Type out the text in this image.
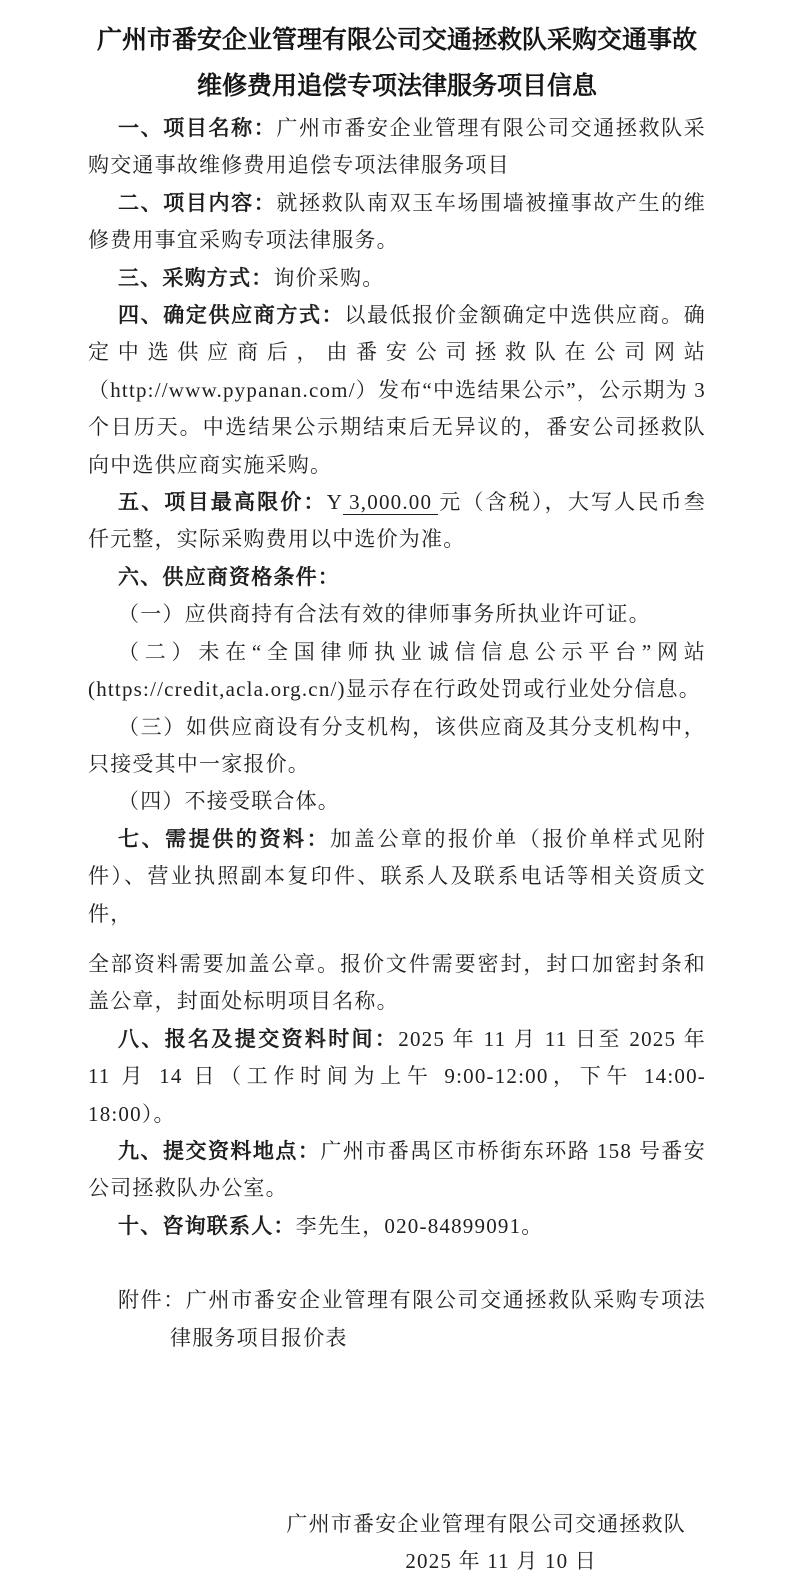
广州市番安企业管理有限公司交通拯救队采购交通事故维修费用追偿专项法律服务项目信息

一、项目名称：广州市番安企业管理有限公司交通拯救队采购交通事故维修费用追偿专项法律服务项目

二、项目内容：就拯救队南双玉车场围墙被撞事故产生的维修费用事宜采购专项法律服务。

三、采购方式：询价采购。

四、确定供应商方式：以最低报价金额确定中选供应商。确定中选供应商后，由番安公司拯救队在公司网站（http://www.pypanan.com/）发布“中选结果公示”，公示期为 3 个日历天。中选结果公示期结束后无异议的，番安公司拯救队向中选供应商实施采购。

五、项目最高限价：Y 3,000.00 元（含税），大写人民币叁仟元整，实际采购费用以中选价为准。

六、供应商资格条件：

（一）应供商持有合法有效的律师事务所执业许可证。

（二）未在“全国律师执业诚信信息公示平台”网站(https://credit,acla.org.cn/)显示存在行政处罚或行业处分信息。

（三）如供应商设有分支机构，该供应商及其分支机构中，只接受其中一家报价。

（四）不接受联合体。

七、需提供的资料：加盖公章的报价单（报价单样式见附件）、营业执照副本复印件、联系人及联系电话等相关资质文件，

全部资料需要加盖公章。报价文件需要密封，封口加密封条和盖公章，封面处标明项目名称。

八、报名及提交资料时间：2025 年 11 月 11 日至 2025 年 11 月 14 日（工作时间为上午 9:00-12:00，下午 14:00-18:00）。

九、提交资料地点：广州市番禺区市桥街东环路 158 号番安公司拯救队办公室。

十、咨询联系人：李先生，020-84899091。

附件：广州市番安企业管理有限公司交通拯救队采购专项法律服务项目报价表

广州市番安企业管理有限公司交通拯救队

2025 年 11 月 10 日
